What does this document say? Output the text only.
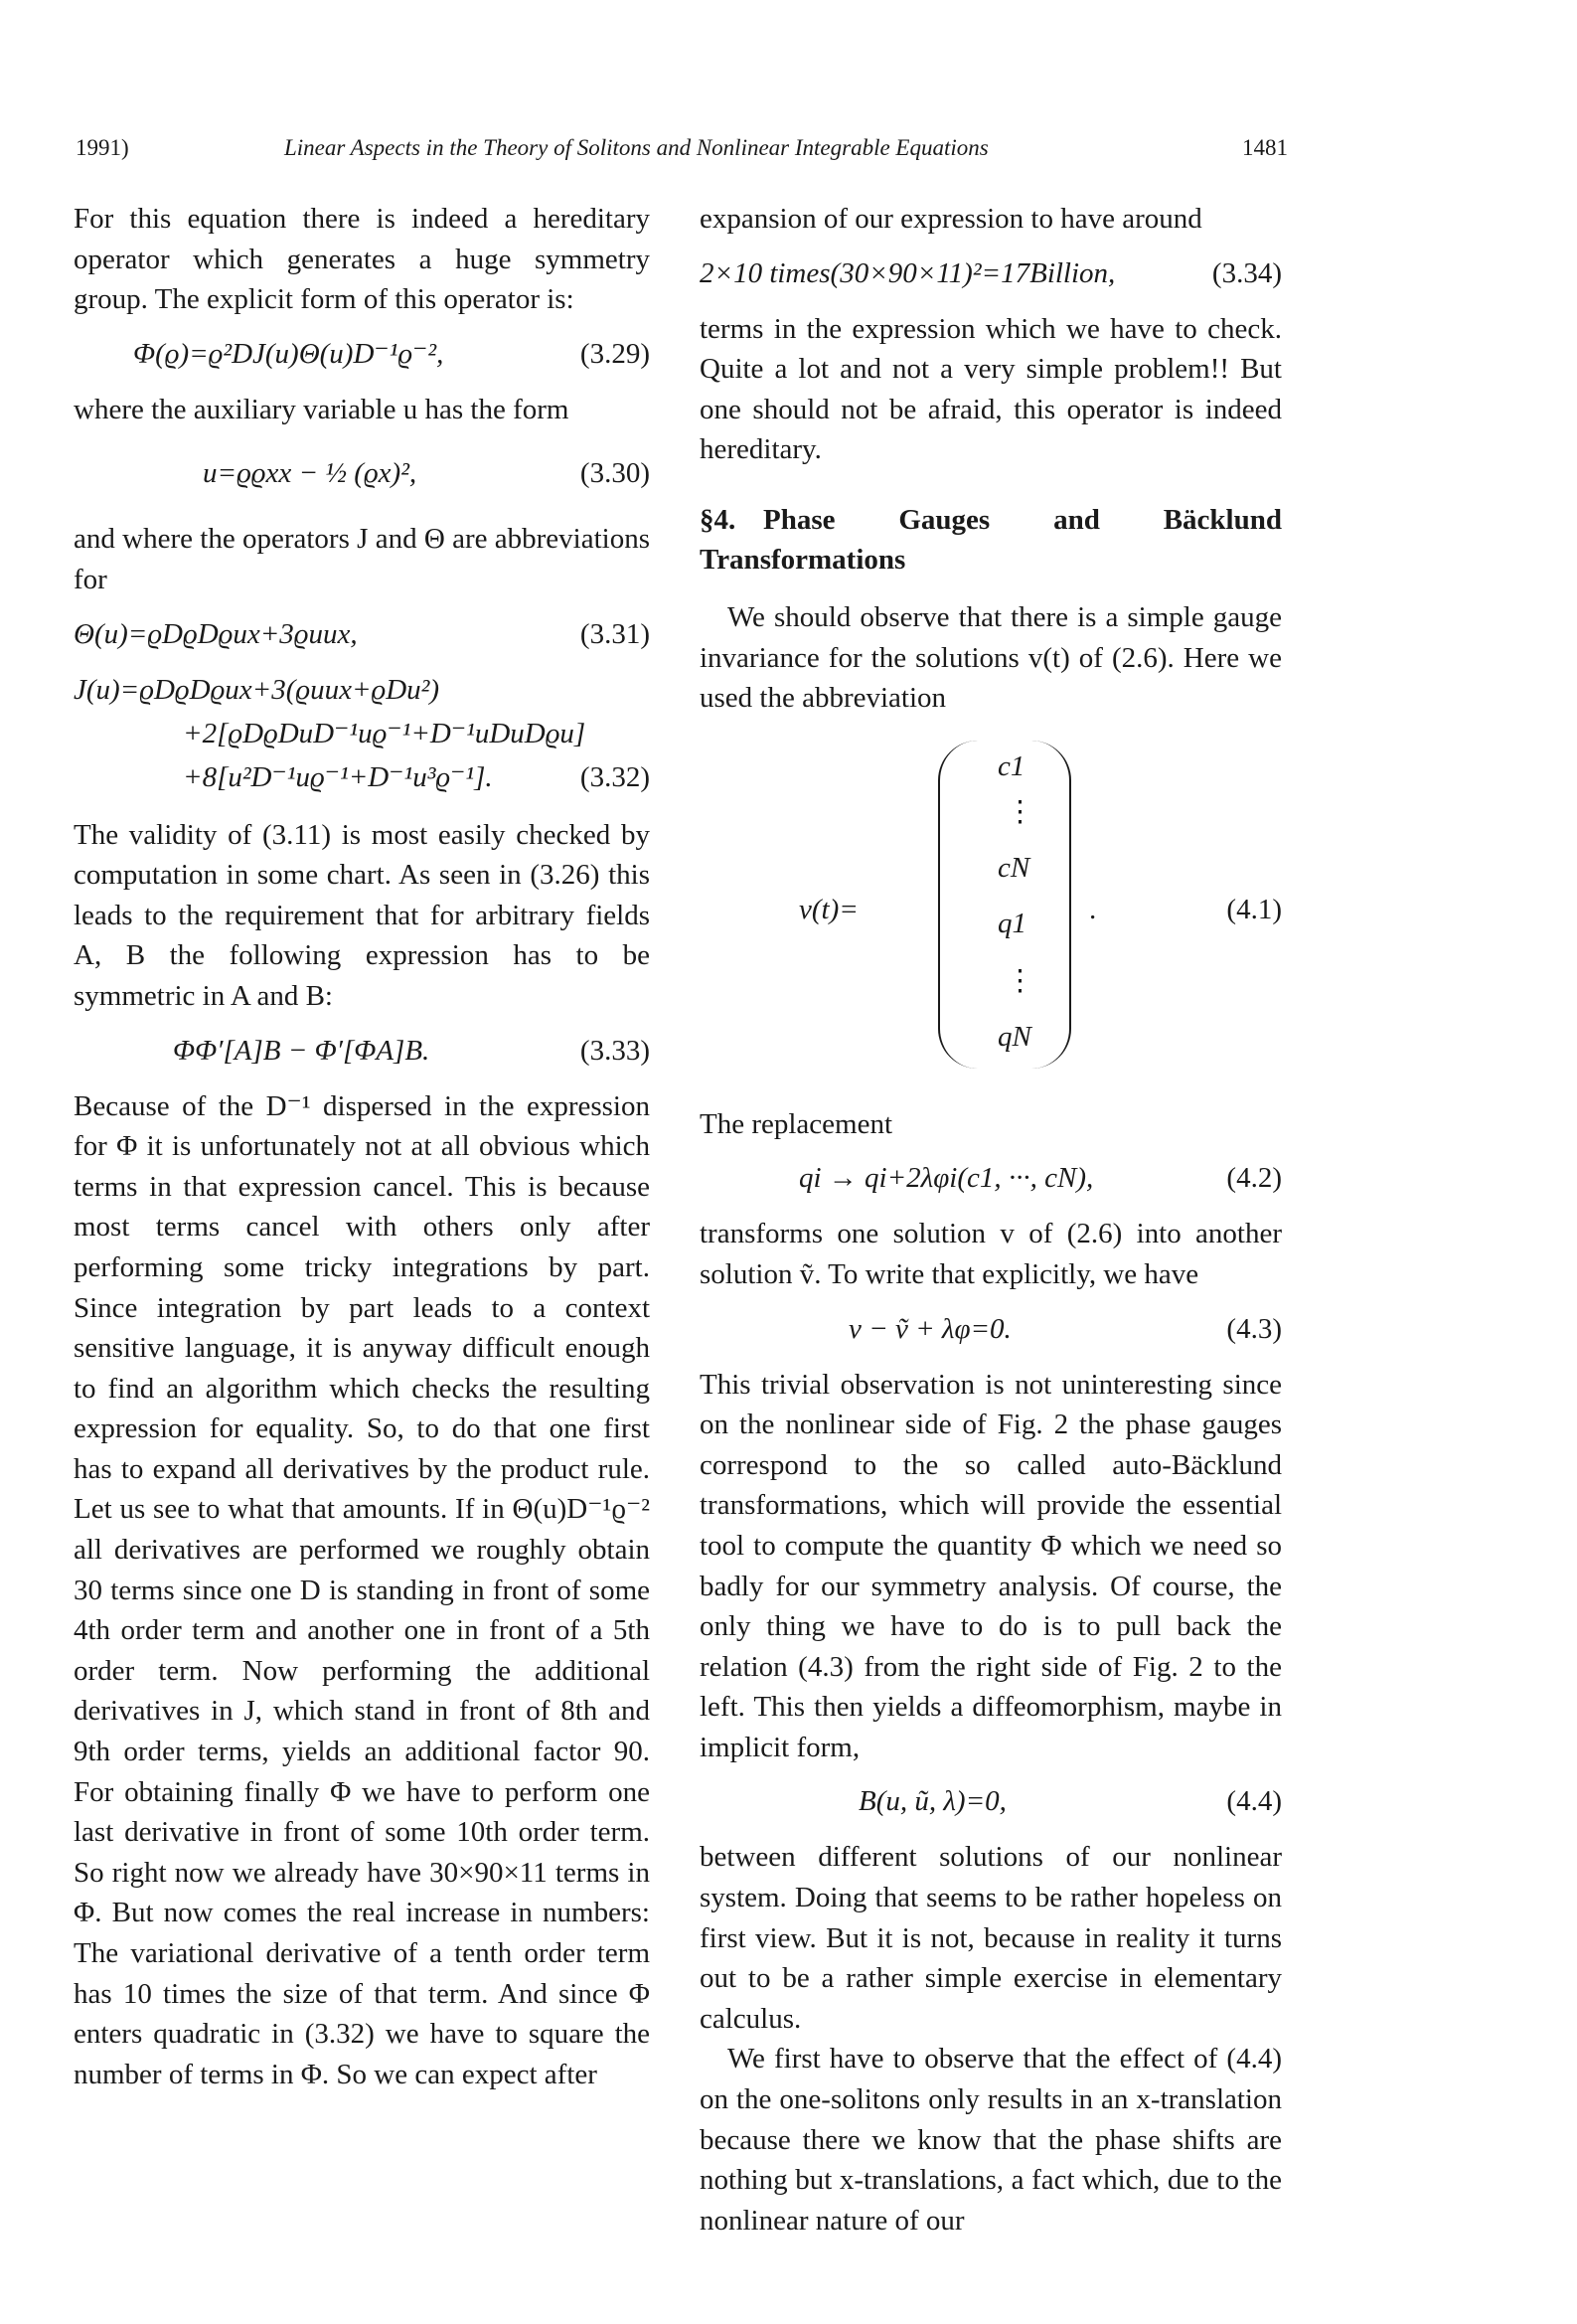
1991)	Linear Aspects in the Theory of Solitons and Nonlinear Integrable Equations	1481

For this equation there is indeed a hereditary operator which generates a huge symmetry group. The explicit form of this operator is:

Φ(ϱ)=ϱ²DJ(u)Θ(u)D⁻¹ϱ⁻²,	(3.29)

where the auxiliary variable u has the form

u=ϱϱxx − ½ (ϱx)²,	(3.30)

and where the operators J and Θ are abbreviations for

Θ(u)=ϱDϱDϱux+3ϱuux,	(3.31)
J(u)=ϱDϱDϱux+3(ϱuux+ϱDu²)
+2[ϱDϱDuD⁻¹uϱ⁻¹+D⁻¹uDuDϱu]
+8[u²D⁻¹uϱ⁻¹+D⁻¹u³ϱ⁻¹].	(3.32)

The validity of (3.11) is most easily checked by computation in some chart. As seen in (3.26) this leads to the requirement that for arbitrary fields A, B the following expression has to be symmetric in A and B:

ΦΦ′[A]B − Φ′[ΦA]B.	(3.33)

Because of the D⁻¹ dispersed in the expression for Φ it is unfortunately not at all obvious which terms in that expression cancel. This is because most terms cancel with others only after performing some tricky integrations by part. Since integration by part leads to a context sensitive language, it is anyway difficult enough to find an algorithm which checks the resulting expression for equality. So, to do that one first has to expand all derivatives by the product rule. Let us see to what that amounts. If in Θ(u)D⁻¹ϱ⁻² all derivatives are performed we roughly obtain 30 terms since one D is standing in front of some 4th order term and another one in front of a 5th order term. Now performing the additional derivatives in J, which stand in front of 8th and 9th order terms, yields an additional factor 90. For obtaining finally Φ we have to perform one last derivative in front of some 10th order term. So right now we already have 30×90×11 terms in Φ. But now comes the real increase in numbers: The variational derivative of a tenth order term has 10 times the size of that term. And since Φ enters quadratic in (3.32) we have to square the number of terms in Φ. So we can expect after

expansion of our expression to have around

2×10 times(30×90×11)²=17Billion,	(3.34)

terms in the expression which we have to check. Quite a lot and not a very simple problem!! But one should not be afraid, this operator is indeed hereditary.

§4. Phase Gauges and Bäcklund Transformations

We should observe that there is a simple gauge invariance for the solutions v(t) of (2.6). Here we used the abbreviation

v(t)=
c1
⋮
cN
q1
⋮
qN
.	(4.1)

The replacement

qi → qi+2λφi(c1, ···, cN),	(4.2)

transforms one solution v of (2.6) into another solution ṽ. To write that explicitly, we have

v − ṽ + λφ=0.	(4.3)

This trivial observation is not uninteresting since on the nonlinear side of Fig. 2 the phase gauges correspond to the so called auto-Bäcklund transformations, which will provide the essential tool to compute the quantity Φ which we need so badly for our symmetry analysis. Of course, the only thing we have to do is to pull back the relation (4.3) from the right side of Fig. 2 to the left. This then yields a diffeomorphism, maybe in implicit form,

B(u, ũ, λ)=0,	(4.4)

between different solutions of our nonlinear system. Doing that seems to be rather hopeless on first view. But it is not, because in reality it turns out to be a rather simple exercise in elementary calculus.

We first have to observe that the effect of (4.4) on the one-solitons only results in an x-translation because there we know that the phase shifts are nothing but x-translations, a fact which, due to the nonlinear nature of our
